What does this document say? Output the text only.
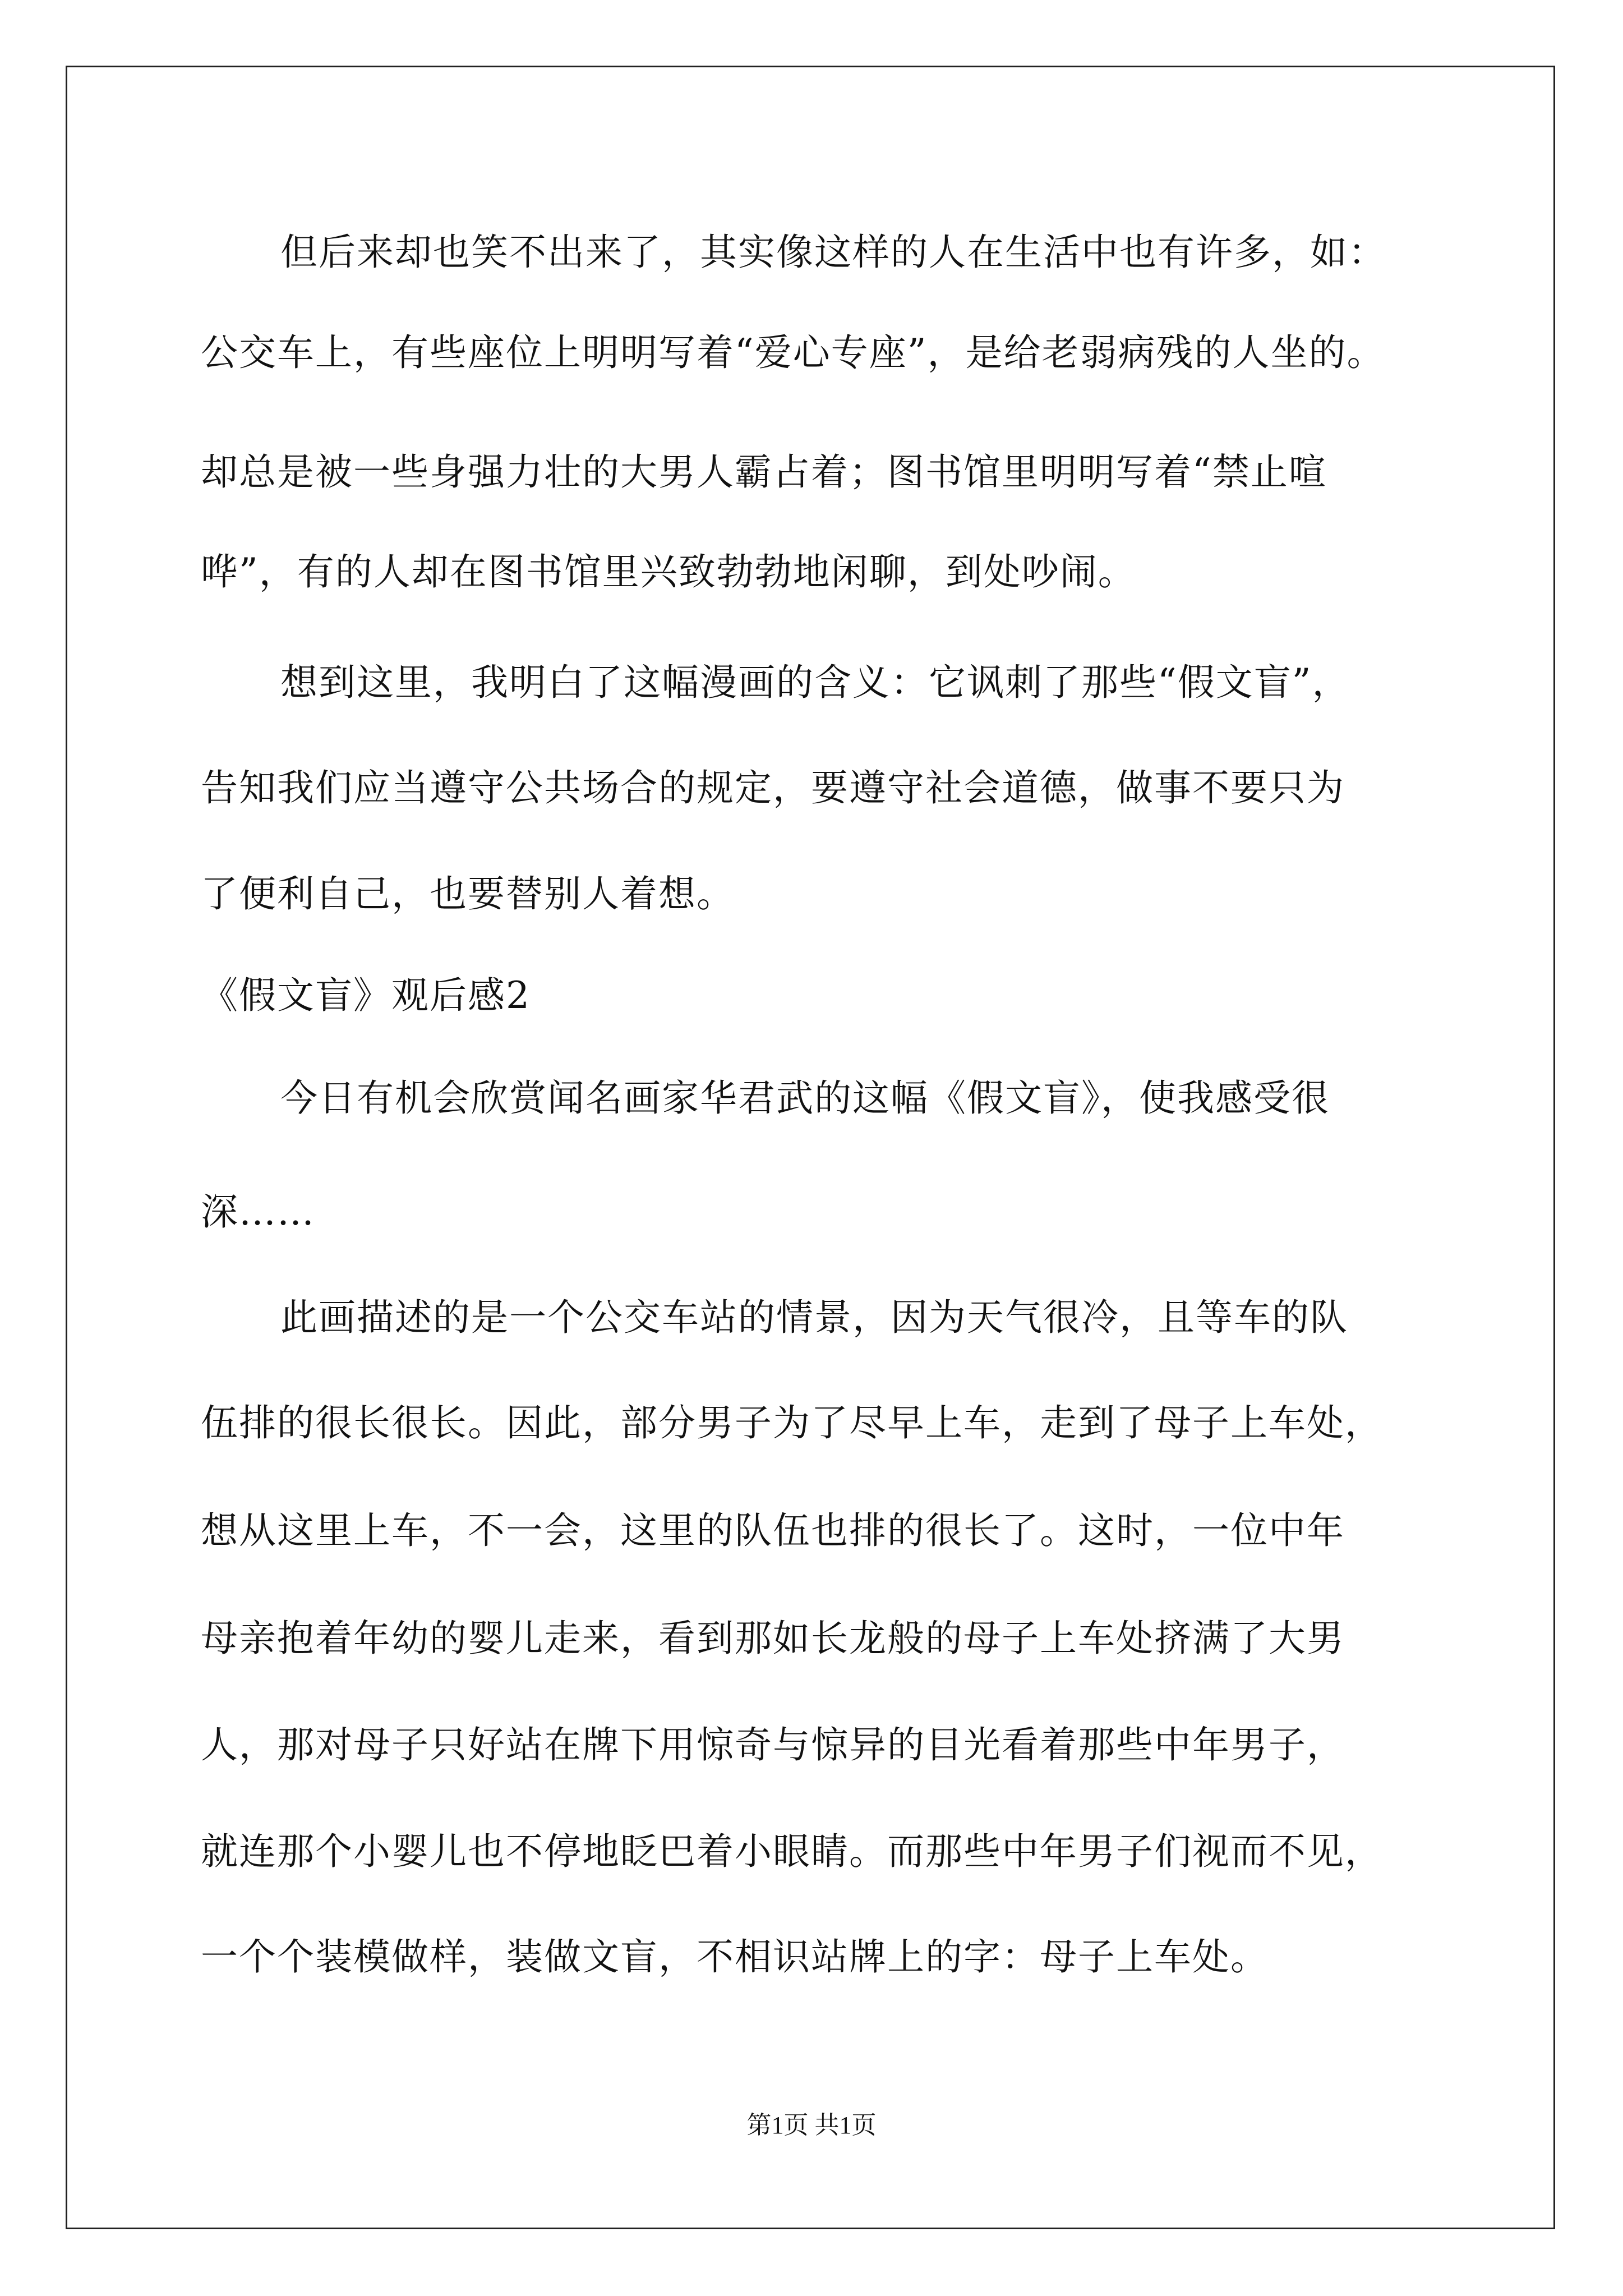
但后来却也笑不出来了，其实像这样的人在生活中也有许多，如：
公交车上，有些座位上明明写着“爱心专座”，是给老弱病残的人坐的。
却总是被一些身强力壮的大男人霸占着；图书馆里明明写着“禁止喧
哗”，有的人却在图书馆里兴致勃勃地闲聊，到处吵闹。
想到这里，我明白了这幅漫画的含义：它讽刺了那些“假文盲”，
告知我们应当遵守公共场合的规定，要遵守社会道德，做事不要只为
了便利自己，也要替别人着想。
《假文盲》观后感2
今日有机会欣赏闻名画家华君武的这幅《假文盲》，使我感受很
深……
此画描述的是一个公交车站的情景，因为天气很冷，且等车的队
伍排的很长很长。因此，部分男子为了尽早上车，走到了母子上车处，
想从这里上车，不一会，这里的队伍也排的很长了。这时，一位中年
母亲抱着年幼的婴儿走来，看到那如长龙般的母子上车处挤满了大男
人，那对母子只好站在牌下用惊奇与惊异的目光看着那些中年男子，
就连那个小婴儿也不停地眨巴着小眼睛。而那些中年男子们视而不见，
一个个装模做样，装做文盲，不相识站牌上的字：母子上车处。
第1页 共1页
